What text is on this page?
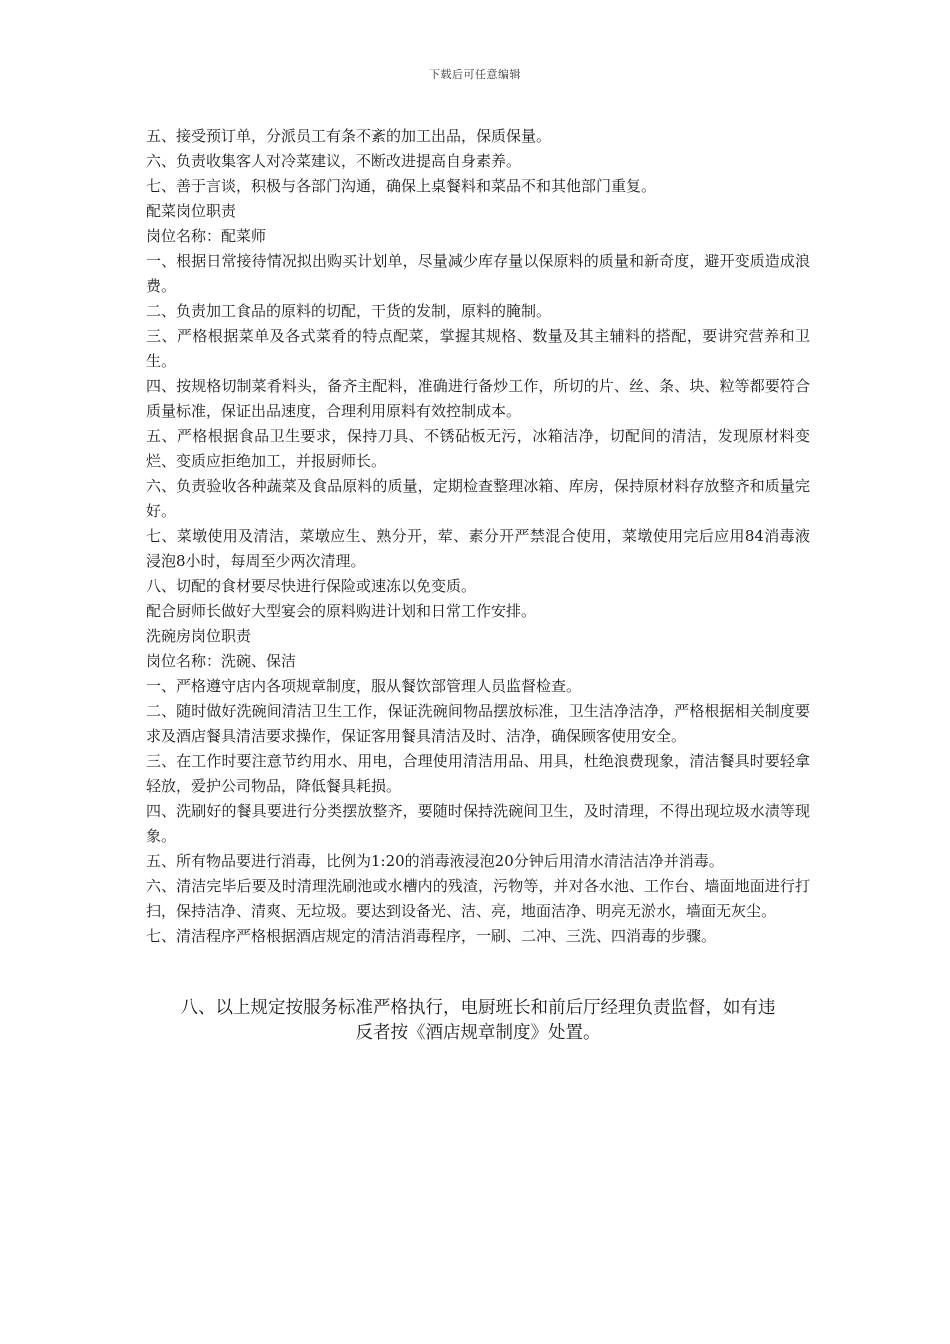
下载后可任意编辑

五、接受预订单，分派员工有条不紊的加工出品，保质保量。

六、负责收集客人对冷菜建议，不断改进提高自身素养。

七、善于言谈，积极与各部门沟通，确保上桌餐料和菜品不和其他部门重复。

配菜岗位职责

岗位名称：配菜师

一、根据日常接待情况拟出购买计划单，尽量减少库存量以保原料的质量和新奇度，避开变质造成浪费。

二、负责加工食品的原料的切配，干货的发制，原料的腌制。

三、严格根据菜单及各式菜肴的特点配菜，掌握其规格、数量及其主辅料的搭配，要讲究营养和卫生。

四、按规格切制菜肴料头，备齐主配料，准确进行备炒工作，所切的片、丝、条、块、粒等都要符合质量标准，保证出品速度，合理利用原料有效控制成本。

五、严格根据食品卫生要求，保持刀具、不锈砧板无污，冰箱洁净，切配间的清洁，发现原材料变烂、变质应拒绝加工，并报厨师长。

六、负责验收各种蔬菜及食品原料的质量，定期检查整理冰箱、库房，保持原材料存放整齐和质量完好。

七、菜墩使用及清洁，菜墩应生、熟分开，荤、素分开严禁混合使用，菜墩使用完后应用84消毒液浸泡8小时，每周至少两次清理。

八、切配的食材要尽快进行保险或速冻以免变质。

配合厨师长做好大型宴会的原料购进计划和日常工作安排。

洗碗房岗位职责

岗位名称：洗碗、保洁

一、严格遵守店内各项规章制度，服从餐饮部管理人员监督检查。

二、随时做好洗碗间清洁卫生工作，保证洗碗间物品摆放标准，卫生洁净洁净，严格根据相关制度要求及酒店餐具清洁要求操作，保证客用餐具清洁及时、洁净，确保顾客使用安全。

三、在工作时要注意节约用水、用电，合理使用清洁用品、用具，杜绝浪费现象，清洁餐具时要轻拿轻放，爱护公司物品，降低餐具耗损。

四、洗刷好的餐具要进行分类摆放整齐，要随时保持洗碗间卫生，及时清理，不得出现垃圾水渍等现象。

五、所有物品要进行消毒，比例为1:20的消毒液浸泡20分钟后用清水清洁洁净并消毒。

六、清洁完毕后要及时清理洗刷池或水槽内的残渣，污物等，并对各水池、工作台、墙面地面进行打扫，保持洁净、清爽、无垃圾。要达到设备光、洁、亮，地面洁净、明亮无淤水，墙面无灰尘。

七、清洁程序严格根据酒店规定的清洁消毒程序，一刷、二冲、三洗、四消毒的步骤。

八、以上规定按服务标准严格执行，电厨班长和前后厅经理负责监督，如有违

反者按《酒店规章制度》处置。
